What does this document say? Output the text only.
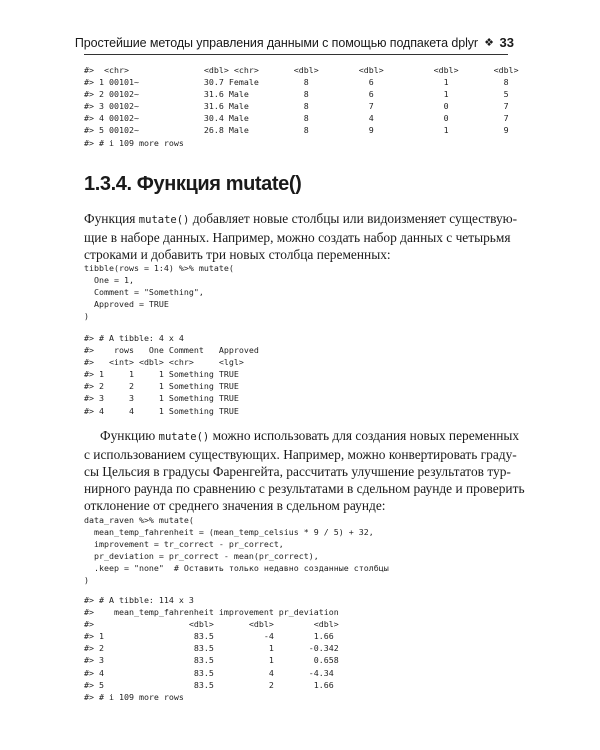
Простейшие методы управления данными с помощью подпакета dplyr ❖ 33
#>  <chr>               <dbl> <chr>       <dbl>        <dbl>          <dbl>       <dbl>
#> 1 00101~             30.7 Female         8            6              1           8
#> 2 00102~             31.6 Male           8            6              1           5
#> 3 00102~             31.6 Male           8            7              0           7
#> 4 00102~             30.4 Male           8            4              0           7
#> 5 00102~             26.8 Male           8            9              1           9
#> # i 109 more rows
1.3.4. Функция mutate()
Функция mutate() добавляет новые столбцы или видоизменяет существую-
щие в наборе данных. Например, можно создать набор данных с четырьмя
строками и добавить три новых столбца переменных:
tibble(rows = 1:4) %>% mutate(
One = 1,
Comment = "Something",
Approved = TRUE
)
#> # A tibble: 4 x 4
#>    rows   One Comment   Approved
#>   <int> <dbl> <chr>     <lgl>
#> 1     1     1 Something TRUE
#> 2     2     1 Something TRUE
#> 3     3     1 Something TRUE
#> 4     4     1 Something TRUE
Функцию mutate() можно использовать для создания новых переменных
с использованием существующих. Например, можно конвертировать граду-
сы Цельсия в градусы Фаренгейта, рассчитать улучшение результатов тур-
нирного раунда по сравнению с результатами в сдельном раунде и проверить
отклонение от среднего значения в сдельном раунде:
data_raven %>% mutate(
mean_temp_fahrenheit = (mean_temp_celsius * 9 / 5) + 32,
improvement = tr_correct - pr_correct,
pr_deviation = pr_correct - mean(pr_correct),
.keep = "none"  # Оставить только недавно созданные столбцы
)
#> # A tibble: 114 x 3
#>    mean_temp_fahrenheit improvement pr_deviation
#>                   <dbl>       <dbl>        <dbl>
#> 1                  83.5          -4        1.66
#> 2                  83.5           1       -0.342
#> 3                  83.5           1        0.658
#> 4                  83.5           4       -4.34
#> 5                  83.5           2        1.66
#> # i 109 more rows
